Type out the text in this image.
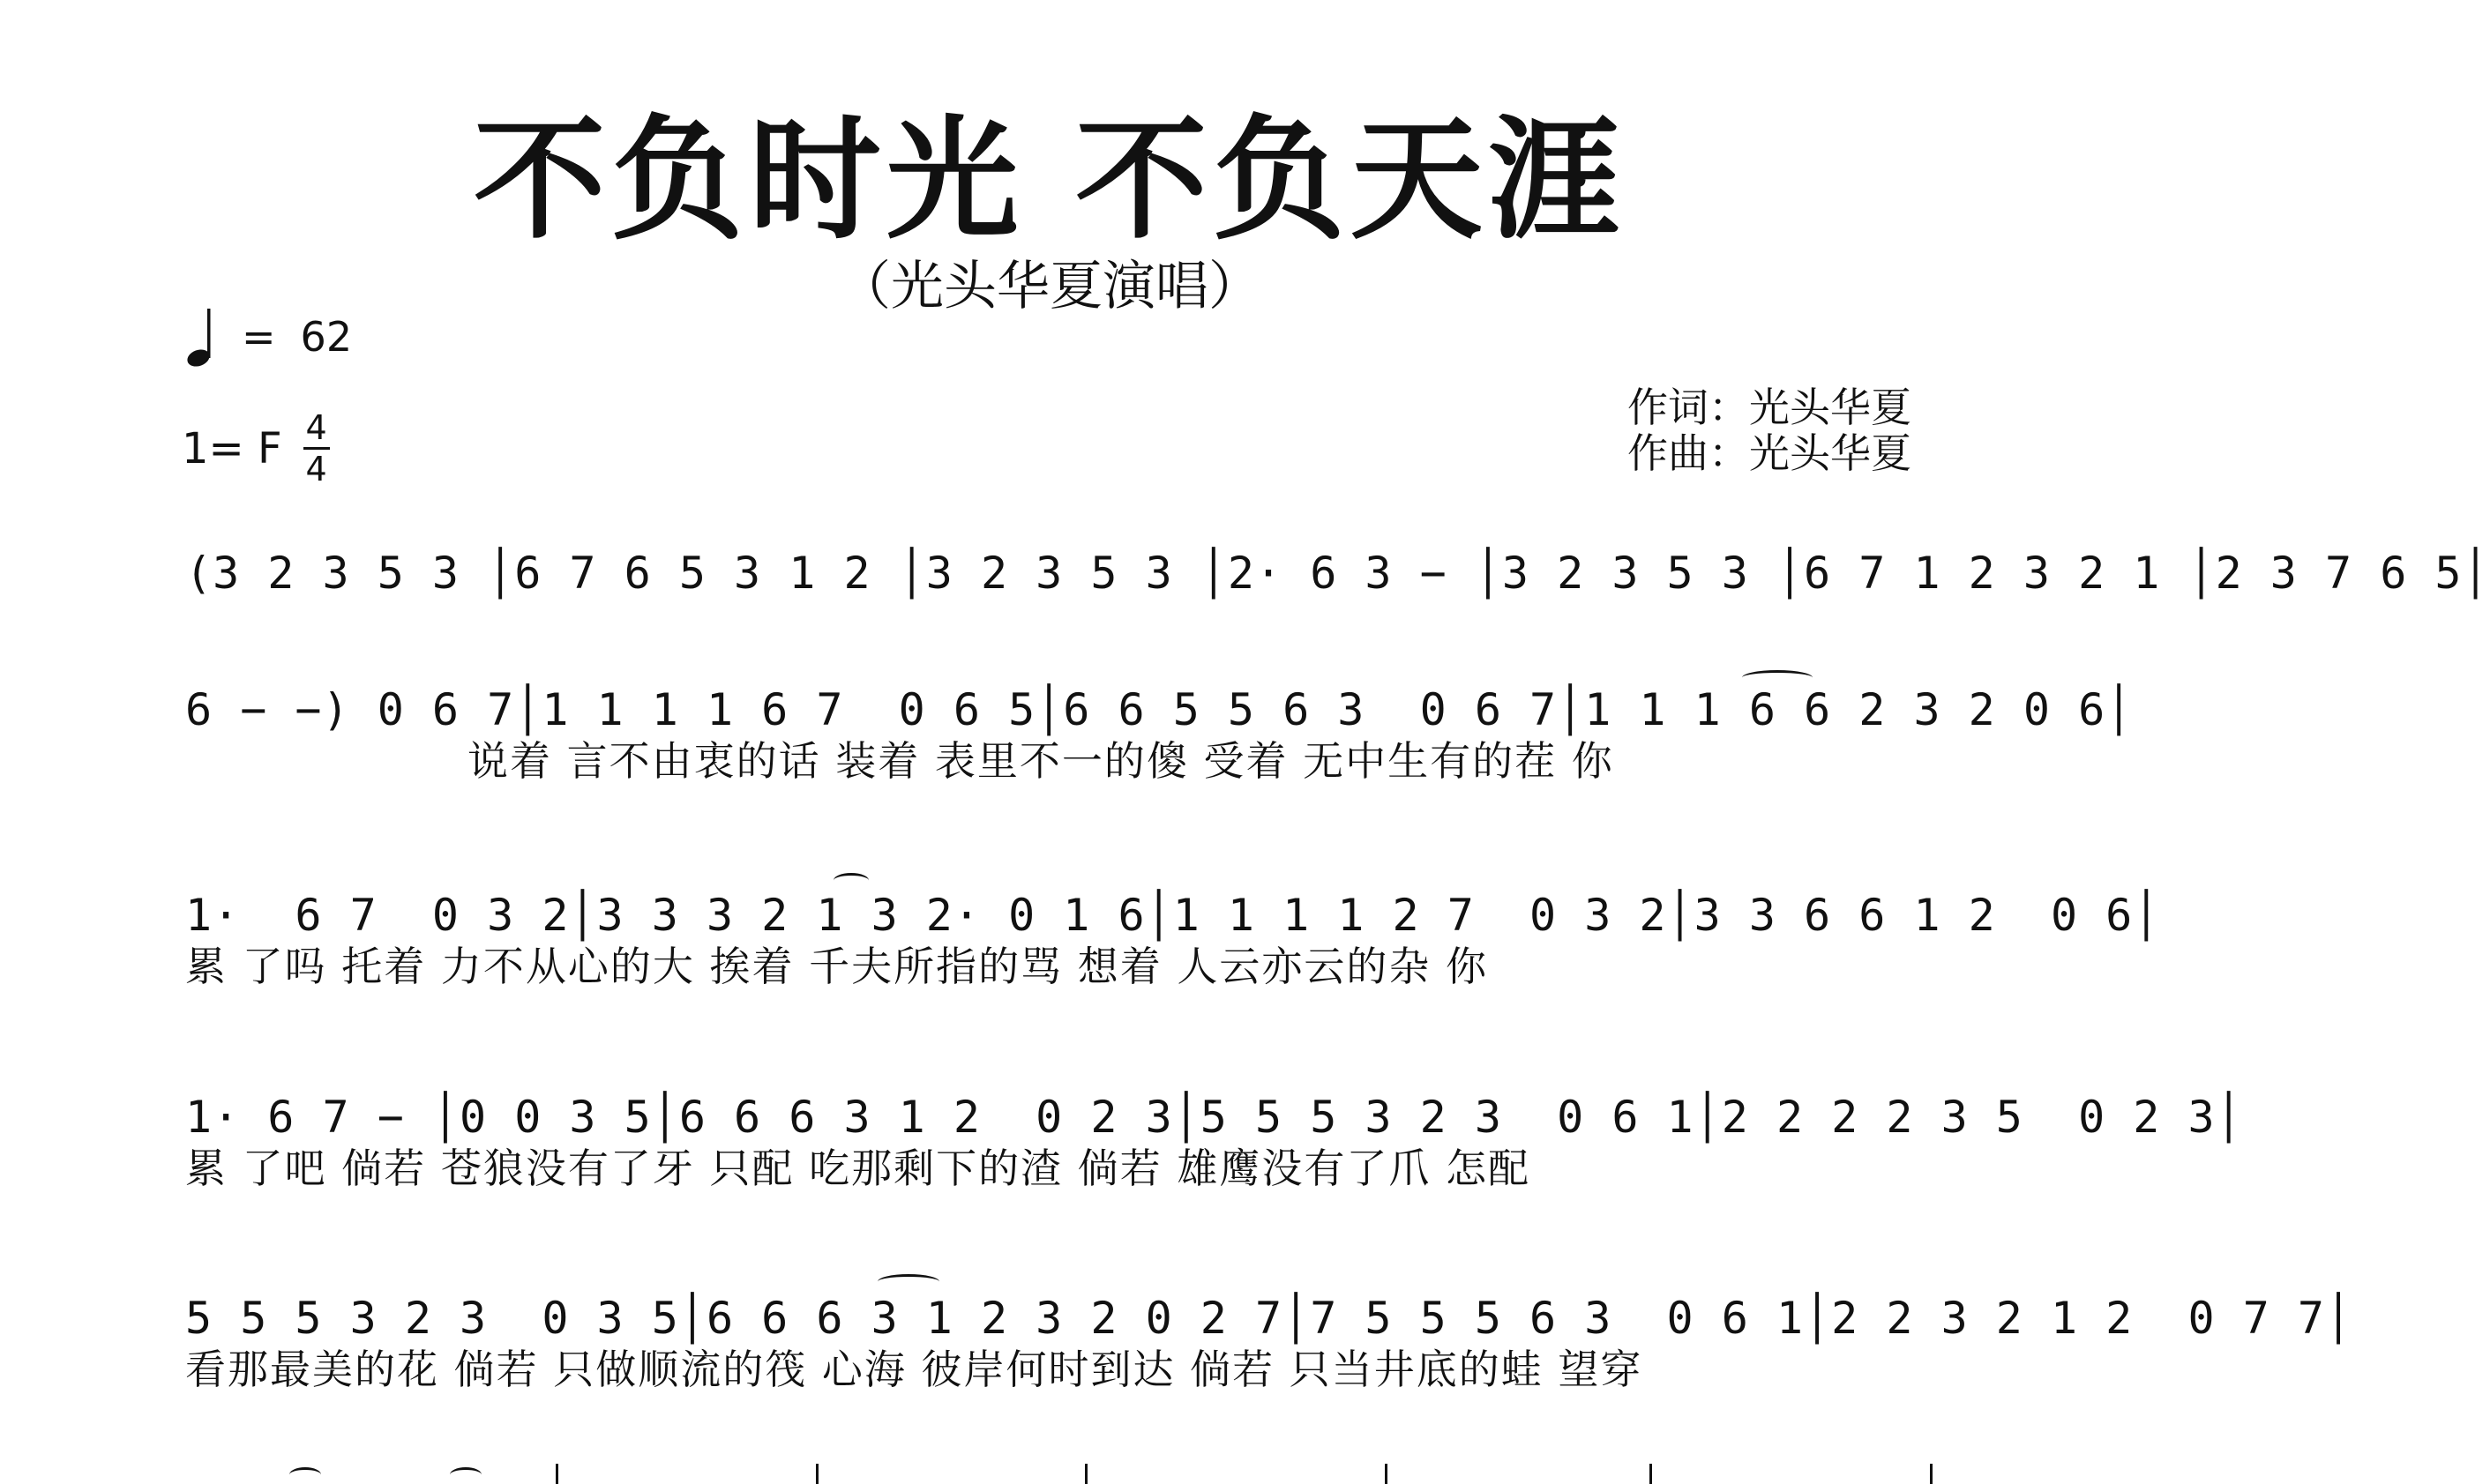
不负时光 不负天涯
（光头华夏演唱）
= 62
1= F $\frac{4}{4}$
作词：光头华夏
作曲：光头华夏
(3 2 3 5 3 │6 7 6 5 3 1 2 │3 2 3 5 3 │2· 6 3 − │3 2 3 5 3 │6 7 1 2 3 2 1 │2 3 7 6 5│
6 − −) 0 6 7│1 1 1 1 6 7  0 6 5│6 6 5 5 6 3  0 6 7│1 1 1 6 6 2 3 2 0 6│
说着 言不由衷的话 装着 表里不一的傻 受着 无中生有的茬 你
1·  6 7  0 3 2│3 3 3 2 1 3 2· 0 1 6│1 1 1 1 2 7  0 3 2│3 3 6 6 1 2  0 6│
累 了吗 托着 力不从心的大 挨着 千夫所指的骂 想着 人云亦云的杂 你
1· 6 7 − │0 0 3 5│6 6 6 3 1 2  0 2 3│5 5 5 3 2 3  0 6 1│2 2 2 2 3 5  0 2 3│
累 了吧 倘若 苍狼没有了牙 只配 吃那剩下的渣 倘若 雄鹰没有了爪 怎配
5 5 5 3 2 3  0 3 5│6 6 6 3 1 2 3 2 0 2 7│7 5 5 5 6 3  0 6 1│2 2 3 2 1 2  0 7 7│
看那最美的花 倘若 只做顺流的筏 心海 彼岸何时到达 倘若 只当井底的蛙 望穿
